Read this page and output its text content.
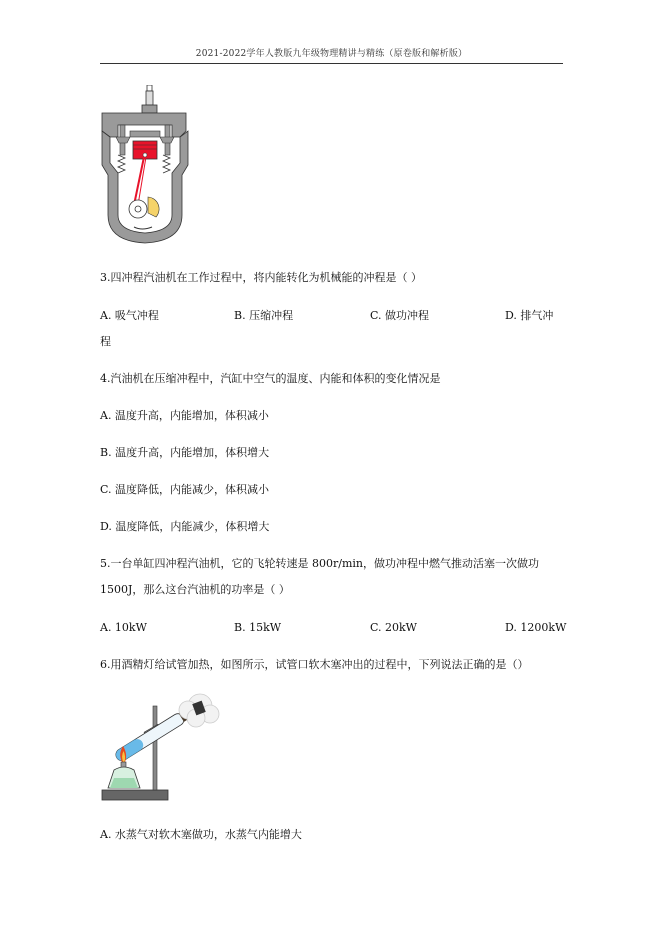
2021-2022学年人教版九年级物理精讲与精练（原卷版和解析版）
3.四冲程汽油机在工作过程中，将内能转化为机械能的冲程是（ ）
A. 吸气冲程	B. 压缩冲程	C. 做功冲程	D. 排气冲
程
4.汽油机在压缩冲程中，汽缸中空气的温度、内能和体积的变化情况是
A. 温度升高，内能增加，体积减小
B. 温度升高，内能增加，体积增大
C. 温度降低，内能减少，体积减小
D. 温度降低，内能减少，体积增大
5.一台单缸四冲程汽油机，它的飞轮转速是 800r/min，做功冲程中燃气推动活塞一次做功
1500J，那么这台汽油机的功率是（ ）
A. 10kW	B. 15kW	C. 20kW	D. 1200kW
6.用酒精灯给试管加热，如图所示，试管口软木塞冲出的过程中，下列说法正确的是（）
A. 水蒸气对软木塞做功，水蒸气内能增大
